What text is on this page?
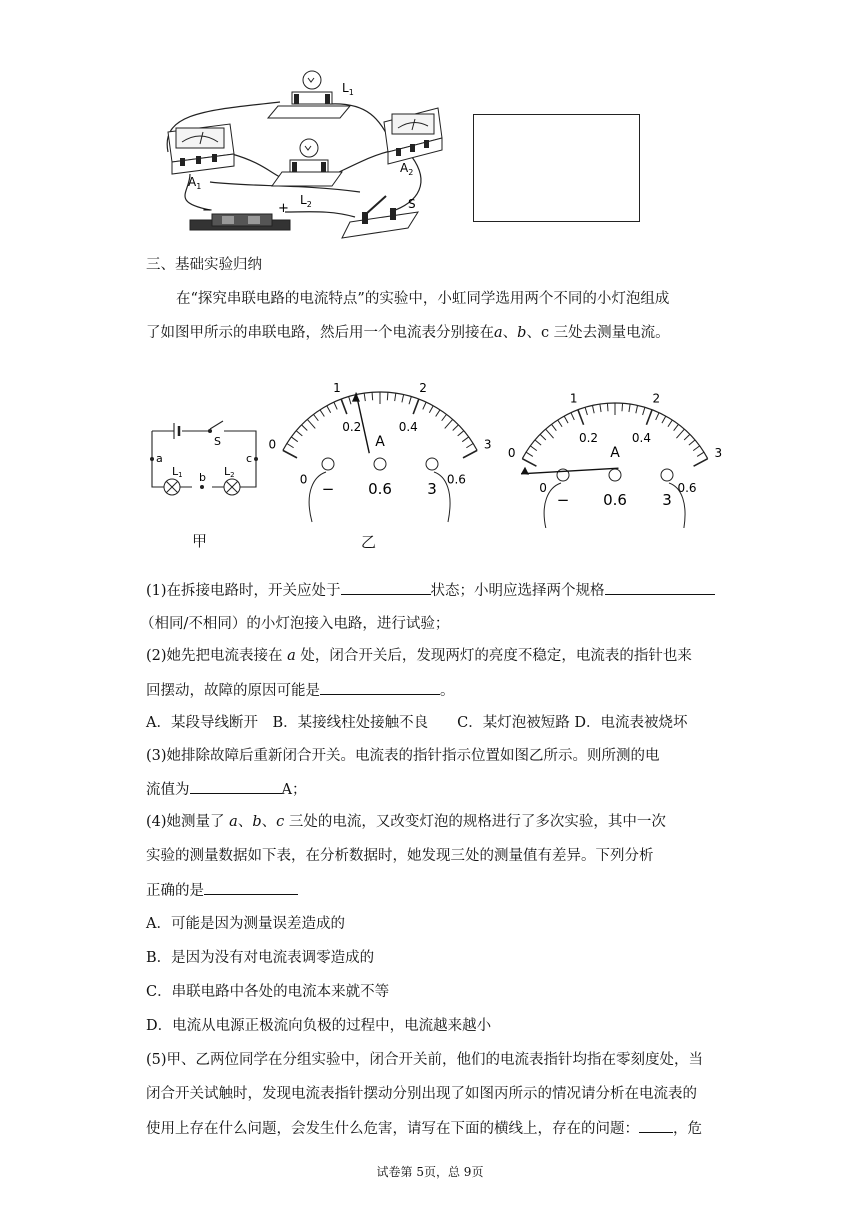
$L_1$
$A_1$
$A_2$
$L_2$
−	+	S
三、基础实验归纳
在“探究串联电路的电流特点”的实验中，小虹同学选用两个不同的小灯泡组成
了如图甲所示的串联电路，然后用一个电流表分别接在a、b、c 三处去测量电流。
S
a
b
c
L1	L2
甲
0
1	2
3
0
0.2	0.4
0.6
A
− 0.6 3
乙
0
1	2
3
0
0.2	0.4
0.6
A
− 0.6 3
(1)在拆接电路时，开关应处于	状态；小明应选择两个规格
（相同/不相同）的小灯泡接入电路，进行试验；
(2)她先把电流表接在 a 处，闭合开关后，发现两灯的亮度不稳定，电流表的指针也来
回摆动，故障的原因可能是	。
A．某段导线断开　B．某接线柱处接触不良　　C．某灯泡被短路 D．电流表被烧坏
(3)她排除故障后重新闭合开关。电流表的指针指示位置如图乙所示。则所测的电
流值为	A；
(4)她测量了 a、b、c 三处的电流，又改变灯泡的规格进行了多次实验，其中一次
实验的测量数据如下表，在分析数据时，她发现三处的测量值有差异。下列分析
正确的是
A．可能是因为测量误差造成的
B．是因为没有对电流表调零造成的
C．串联电路中各处的电流本来就不等
D．电流从电源正极流向负极的过程中，电流越来越小
(5)甲、乙两位同学在分组实验中，闭合开关前，他们的电流表指针均指在零刻度处，当
闭合开关试触时，发现电流表指针摆动分别出现了如图丙所示的情况请分析在电流表的
使用上存在什么问题，会发生什么危害，请写在下面的横线上，存在的问题： ，危
试卷第 5页，总 9页
